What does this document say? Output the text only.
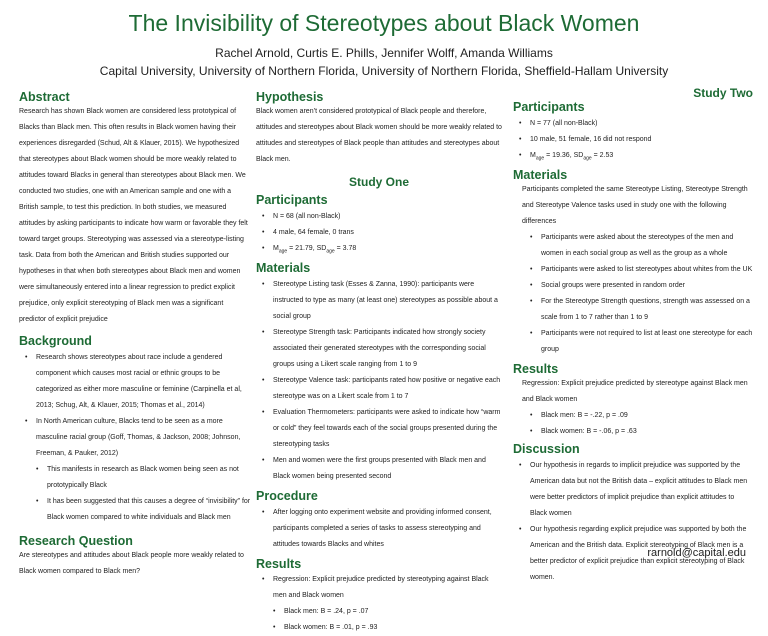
The Invisibility of Stereotypes about Black Women
Rachel Arnold, Curtis E. Phills, Jennifer Wolff, Amanda Williams
Capital University, University of Northern Florida, University of Northern Florida, Sheffield-Hallam University
Abstract

Research has shown Black women are considered less prototypical of Blacks than Black men. This often results in Black women having their experiences disregarded (Schud, Alt & Klauer, 2015). We hypothesized that stereotypes about Black women should be more weakly related to attitudes toward Blacks in general than stereotypes about Black men. We conducted two studies, one with an American sample and one with a British sample, to test this prediction. In both studies, we measured attitudes by asking participants to indicate how warm or favorable they felt toward target groups. Stereotyping was assessed via a stereotype-listing task. Data from both the American and British studies supported our hypotheses in that when both stereotypes about Black men and women were simultaneously entered into a linear regression to predict explicit prejudice, only explicit stereotyping of Black men was a significant predictor of explicit prejudice

Background
• Research shows stereotypes about race include a gendered component which causes most racial or ethnic groups to be categorized as either more masculine or feminine (Carpinella et al, 2013; Schug, Alt, & Klauer, 2015; Thomas et al., 2014)
• In North American culture, Blacks tend to be seen as a more masculine racial group (Goff, Thomas, & Jackson, 2008; Johnson, Freeman, & Pauker, 2012)
• This manifests in research as Black women being seen as not prototypically Black
• It has been suggested that this causes a degree of “invisibility” for Black women compared to white individuals and Black men
Research Question

Are stereotypes and attitudes about Black people more weakly related to Black women compared to Black men?

Hypothesis

Black women aren’t considered prototypical of Black people and therefore, attitudes and stereotypes about Black women should be more weakly related to attitudes and stereotypes of Black people than attitudes and stereotypes about Black men.

Study One
Participants
• N = 68 (all non-Black)
• 4 male, 64 female, 0 trans
• $M_{age} = 21.79$, $SD_{age} = 3.78$
Materials
• Stereotype Listing task (Esses & Zanna, 1990): participants were instructed to type as many (at least one) stereotypes as possible about a social group
• Stereotype Strength task: Participants indicated how strongly society associated their generated stereotypes with the corresponding social groups using a Likert scale ranging from 1 to 9
• Stereotype Valence task: participants rated how positive or negative each stereotype was on a Likert scale from 1 to 7
• Evaluation Thermometers: participants were asked to indicate how “warm or cold” they feel towards each of the social groups presented during the stereotyping tasks
• Men and women were the first groups presented with Black men and Black women being presented second
Procedure
• After logging onto experiment website and providing informed consent, participants completed a series of tasks to assess stereotyping and attitudes towards Blacks and whites
Results
• Regression: Explicit prejudice predicted by stereotyping against Black men and Black women
• Black men: B = .24, p = .07
• Black women: B = .01, p = .93
Study Two
Participants
• N = 77 (all non-Black)
• 10 male, 51 female, 16 did not respond
• $M_{age} = 19.36$, $SD_{age} = 2.53$
Materials

Participants completed the same Stereotype Listing, Stereotype Strength and Stereotype Valence tasks used in study one with the following differences

• Participants were asked about the stereotypes of the men and women in each social group as well as the group as a whole
• Participants were asked to list stereotypes about whites from the UK
• Social groups were presented in random order
• For the Stereotype Strength questions, strength was assessed on a scale from 1 to 7 rather than 1 to 9
• Participants were not required to list at least one stereotype for each group
Results

Regression: Explicit prejudice predicted by stereotype against Black men and Black women

• Black men: B = -.22, p = .09
• Black women: B = -.06, p = .63
Discussion
• Our hypothesis in regards to implicit prejudice was supported by the American data but not the British data – explicit attitudes to Black men were better predictors of implicit prejudice than explicit attitudes to Black women
• Our hypothesis regarding explicit prejudice was supported by both the American and the British data. Explicit stereotyping of Black men is a better predictor of explicit prejudice than explicit stereotyping of Black women.
rarnold@capital.edu
